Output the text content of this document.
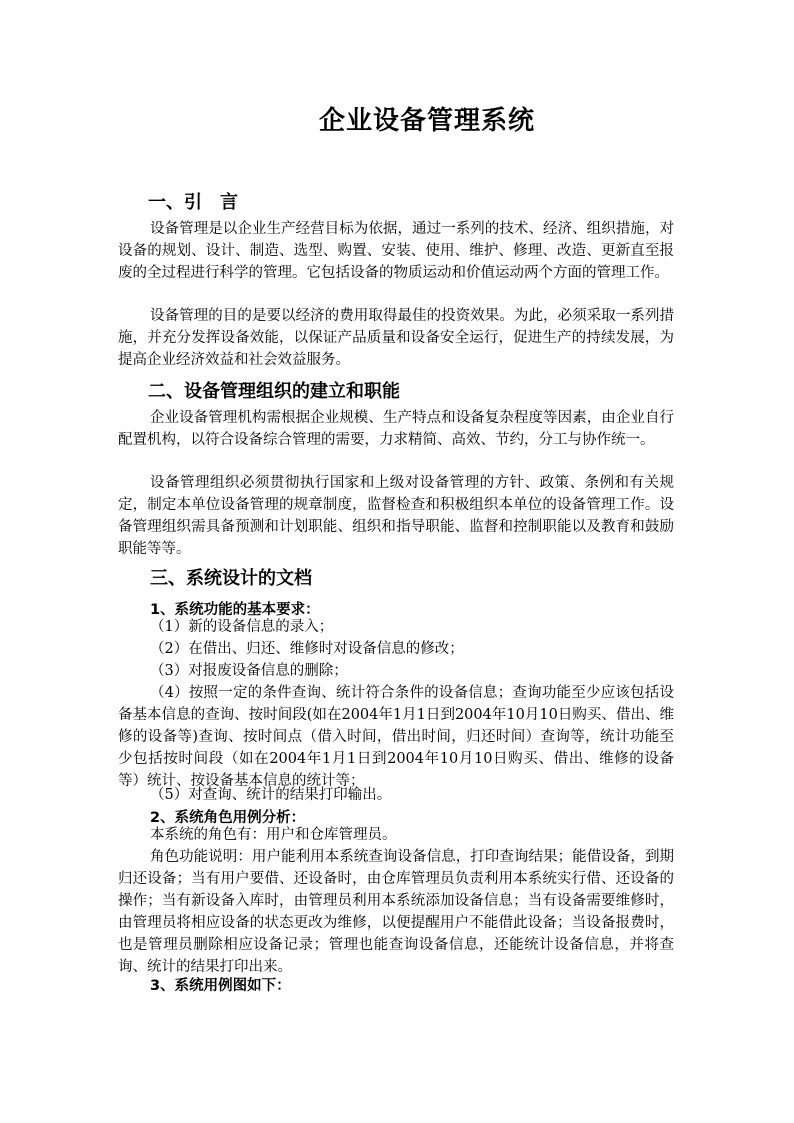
企业设备管理系统
一、引　言

设备管理是以企业生产经营目标为依据，通过一系列的技术、经济、组织措施，对设备的规划、设计、制造、选型、购置、安装、使用、维护、修理、改造、更新直至报废的全过程进行科学的管理。它包括设备的物质运动和价值运动两个方面的管理工作。

设备管理的目的是要以经济的费用取得最佳的投资效果。为此，必须采取一系列措施，并充分发挥设备效能，以保证产品质量和设备安全运行，促进生产的持续发展，为提高企业经济效益和社会效益服务。

二、设备管理组织的建立和职能

企业设备管理机构需根据企业规模、生产特点和设备复杂程度等因素，由企业自行配置机构，以符合设备综合管理的需要，力求精简、高效、节约，分工与协作统一。

设备管理组织必须贯彻执行国家和上级对设备管理的方针、政策、条例和有关规定，制定本单位设备管理的规章制度，监督检查和积极组织本单位的设备管理工作。设备管理组织需具备预测和计划职能、组织和指导职能、监督和控制职能以及教育和鼓励职能等等。

三、系统设计的文档
1、系统功能的基本要求：

（1）新的设备信息的录入；

（2）在借出、归还、维修时对设备信息的修改；

（3）对报废设备信息的删除；

（4）按照一定的条件查询、统计符合条件的设备信息；查询功能至少应该包括设备基本信息的查询、按时间段(如在2004年1月1日到2004年10月10日购买、借出、维修的设备等)查询、按时间点（借入时间，借出时间，归还时间）查询等，统计功能至少包括按时间段（如在2004年1月1日到2004年10月10日购买、借出、维修的设备等）统计、按设备基本信息的统计等；

（5）对查询、统计的结果打印输出。

2、系统角色用例分析：

本系统的角色有：用户和仓库管理员。

角色功能说明：用户能利用本系统查询设备信息，打印查询结果；能借设备，到期归还设备；当有用户要借、还设备时，由仓库管理员负责利用本系统实行借、还设备的操作；当有新设备入库时，由管理员利用本系统添加设备信息；当有设备需要维修时，由管理员将相应设备的状态更改为维修，以便提醒用户不能借此设备；当设备报费时，也是管理员删除相应设备记录；管理也能查询设备信息，还能统计设备信息，并将查询、统计的结果打印出来。

3、系统用例图如下：
